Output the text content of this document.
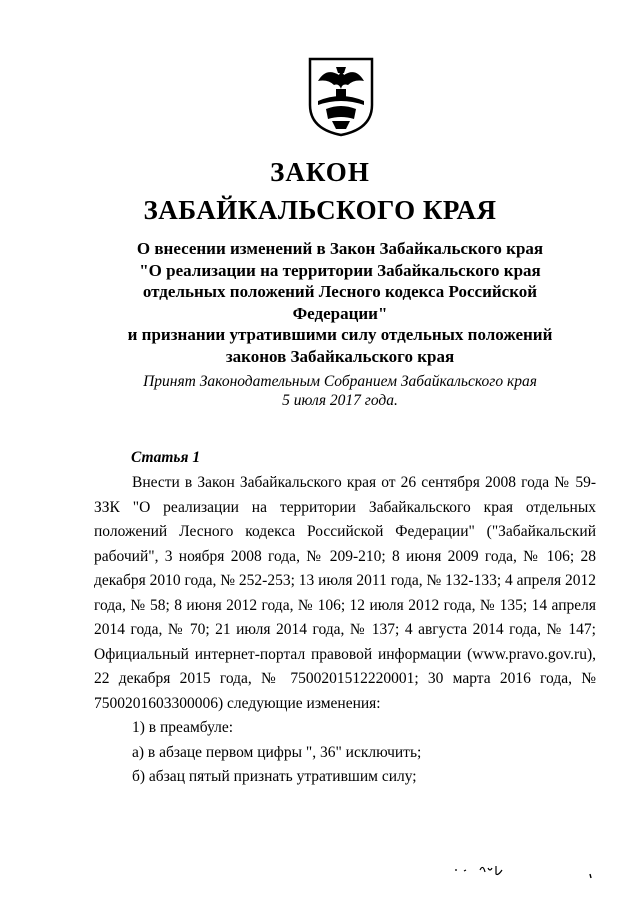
ЗАКОН
ЗАБАЙКАЛЬСКОГО КРАЯ
О внесении изменений в Закон Забайкальского края
"О реализации на территории Забайкальского края
отдельных положений Лесного кодекса Российской Федерации"
и признании утратившими силу отдельных положений
законов Забайкальского края
Принят Законодательным Собранием Забайкальского края
5 июля 2017 года.
Статья 1

Внести в Закон Забайкальского края от 26 сентября 2008 года № 59-ЗЗК "О реализации на территории Забайкальского края отдельных положений Лесного кодекса Российской Федерации" ("Забайкальский рабочий", 3 ноября 2008 года, № 209-210; 8 июня 2009 года, № 106; 28 декабря 2010 года, № 252-253; 13 июля 2011 года, № 132-133; 4 апреля 2012 года, № 58; 8 июня 2012 года, № 106; 12 июля 2012 года, № 135; 14 апреля 2014 года, № 70; 21 июля 2014 года, № 137; 4 августа 2014 года, № 147; Официальный интернет-портал правовой информации (www.pravo.gov.ru), 22 декабря 2015 года, № 7500201512220001; 30 марта 2016 года, № 7500201603300006) следующие изменения:

1) в преамбуле:

а) в абзаце первом цифры ", 36" исключить;

б) абзац пятый признать утратившим силу;
